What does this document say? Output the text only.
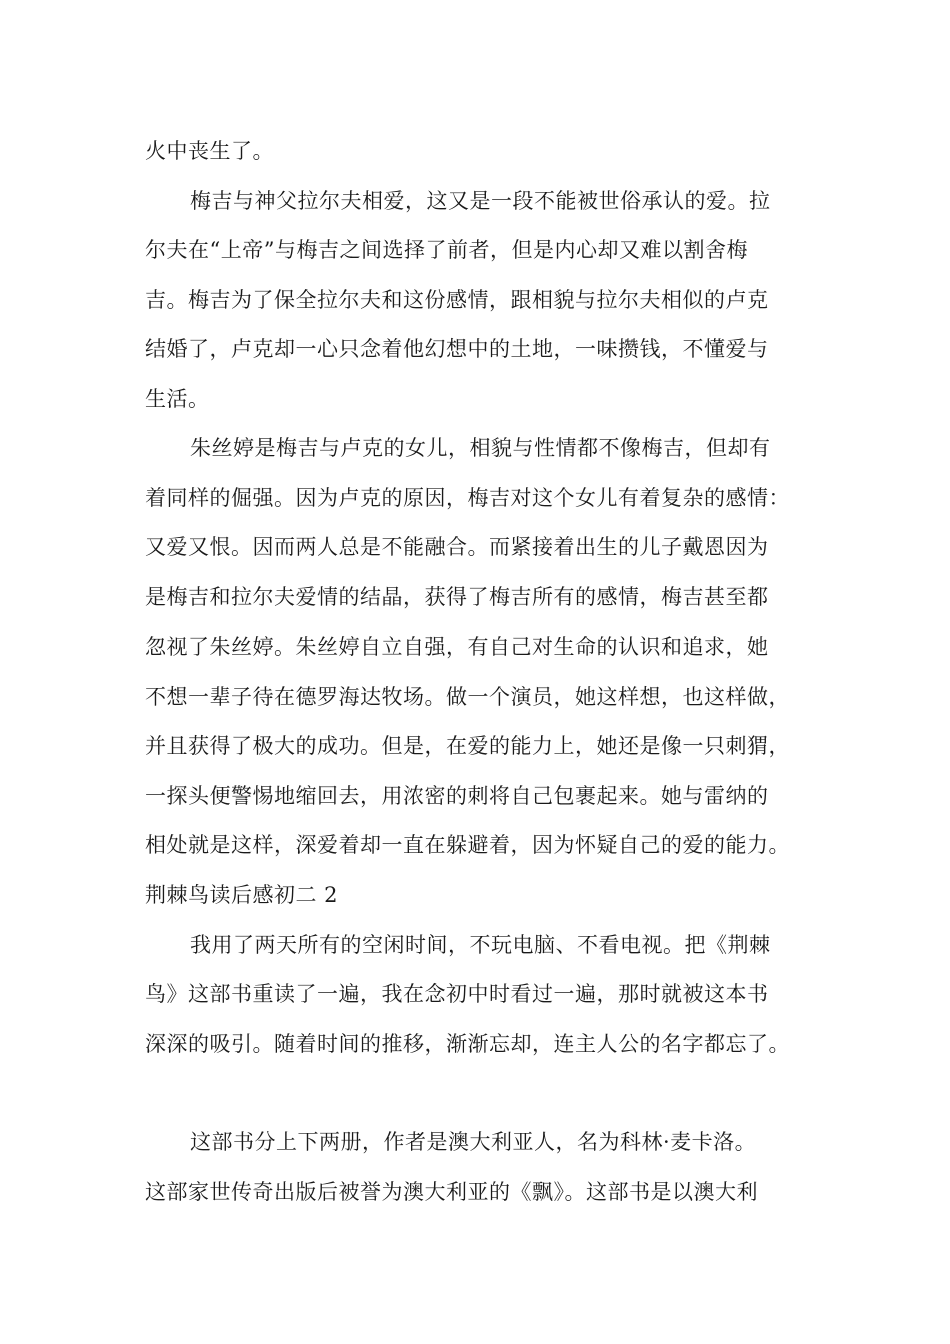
火中丧生了。
梅吉与神父拉尔夫相爱，这又是一段不能被世俗承认的爱。拉
尔夫在“上帝”与梅吉之间选择了前者，但是内心却又难以割舍梅
吉。梅吉为了保全拉尔夫和这份感情，跟相貌与拉尔夫相似的卢克
结婚了，卢克却一心只念着他幻想中的土地，一味攒钱，不懂爱与
生活。
朱丝婷是梅吉与卢克的女儿，相貌与性情都不像梅吉，但却有
着同样的倔强。因为卢克的原因，梅吉对这个女儿有着复杂的感情：
又爱又恨。因而两人总是不能融合。而紧接着出生的儿子戴恩因为
是梅吉和拉尔夫爱情的结晶，获得了梅吉所有的感情，梅吉甚至都
忽视了朱丝婷。朱丝婷自立自强，有自己对生命的认识和追求，她
不想一辈子待在德罗海达牧场。做一个演员，她这样想，也这样做，
并且获得了极大的成功。但是，在爱的能力上，她还是像一只刺猬，
一探头便警惕地缩回去，用浓密的刺将自己包裹起来。她与雷纳的
相处就是这样，深爱着却一直在躲避着，因为怀疑自己的爱的能力。
荆棘鸟读后感初二 2
我用了两天所有的空闲时间，不玩电脑、不看电视。把《荆棘
鸟》这部书重读了一遍，我在念初中时看过一遍，那时就被这本书
深深的吸引。随着时间的推移，渐渐忘却，连主人公的名字都忘了。
这部书分上下两册，作者是澳大利亚人，名为科林·麦卡洛。
这部家世传奇出版后被誉为澳大利亚的《飘》。这部书是以澳大利
